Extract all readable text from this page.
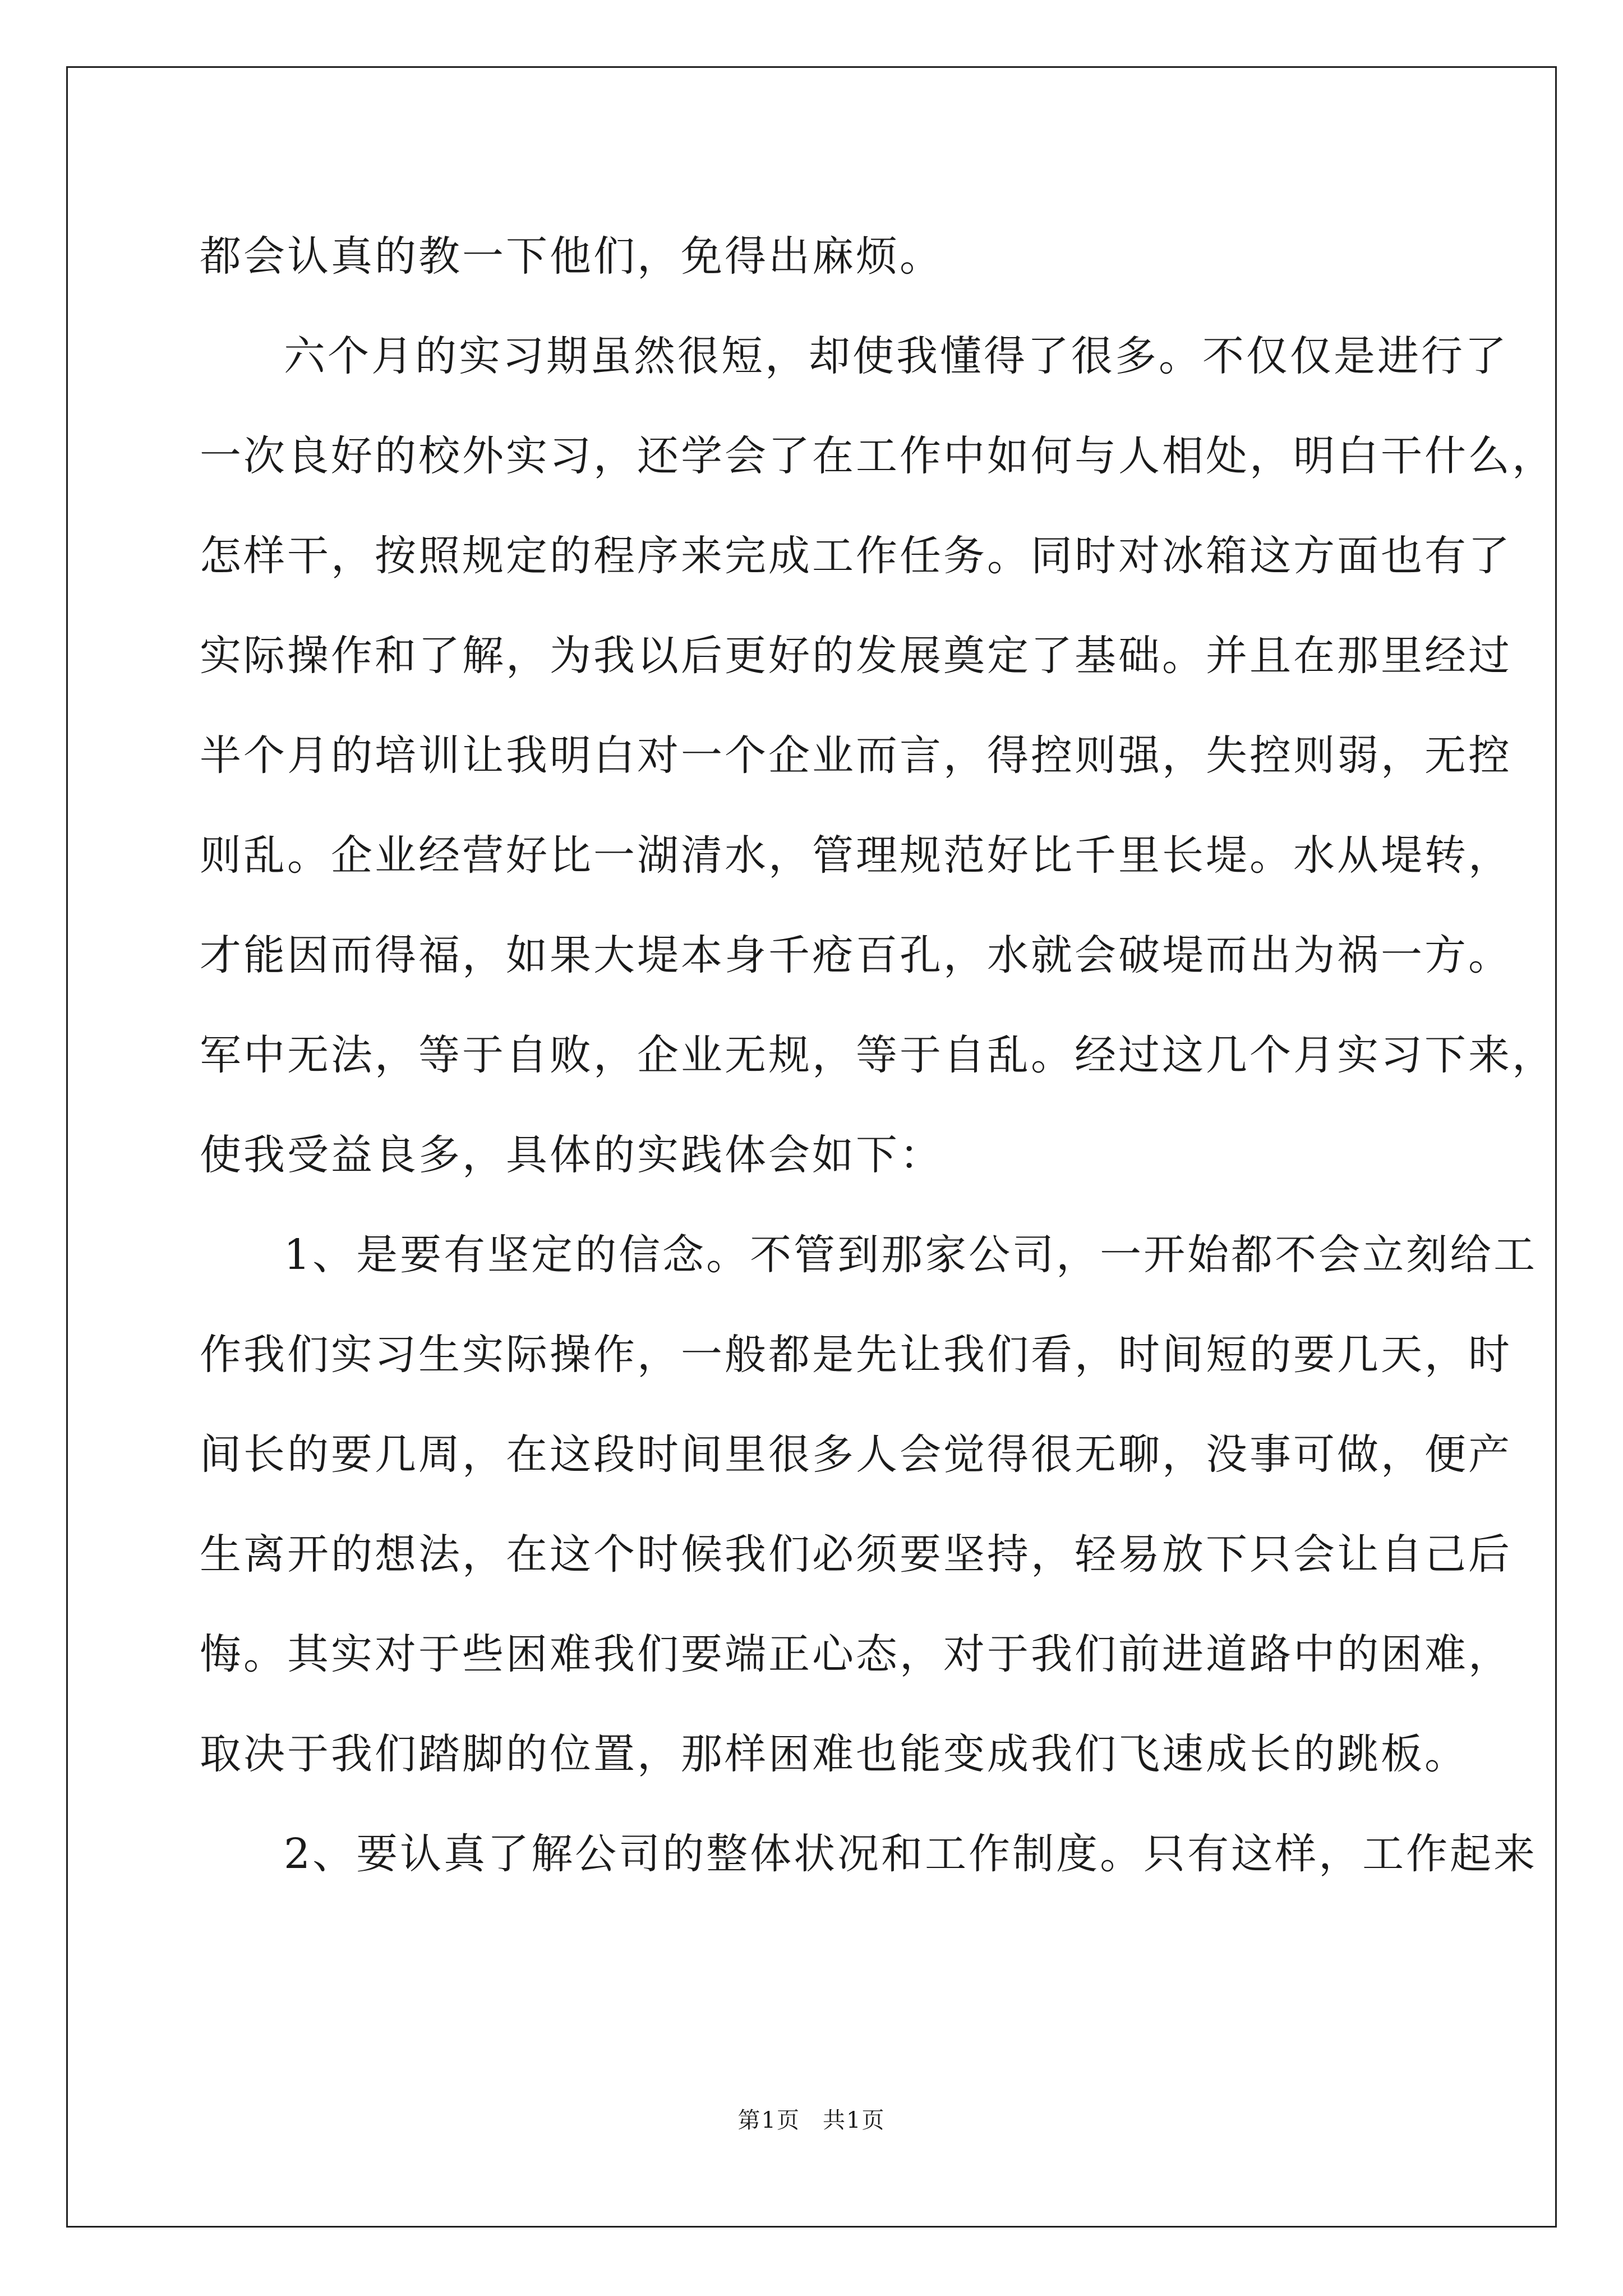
都会认真的教一下他们，免得出麻烦。
六个月的实习期虽然很短，却使我懂得了很多。不仅仅是进行了
一次良好的校外实习，还学会了在工作中如何与人相处，明白干什么，
怎样干，按照规定的程序来完成工作任务。同时对冰箱这方面也有了
实际操作和了解，为我以后更好的发展奠定了基础。并且在那里经过
半个月的培训让我明白对一个企业而言，得控则强，失控则弱，无控
则乱。企业经营好比一湖清水，管理规范好比千里长堤。水从堤转，
才能因而得福，如果大堤本身千疮百孔，水就会破堤而出为祸一方。
军中无法，等于自败，企业无规，等于自乱。经过这几个月实习下来，
使我受益良多，具体的实践体会如下：
1、是要有坚定的信念。不管到那家公司，一开始都不会立刻给工
作我们实习生实际操作，一般都是先让我们看，时间短的要几天，时
间长的要几周，在这段时间里很多人会觉得很无聊，没事可做，便产
生离开的想法，在这个时候我们必须要坚持，轻易放下只会让自己后
悔。其实对于些困难我们要端正心态，对于我们前进道路中的困难，
取决于我们踏脚的位置，那样困难也能变成我们飞速成长的跳板。
2、要认真了解公司的整体状况和工作制度。只有这样，工作起来
第1页 共1页
